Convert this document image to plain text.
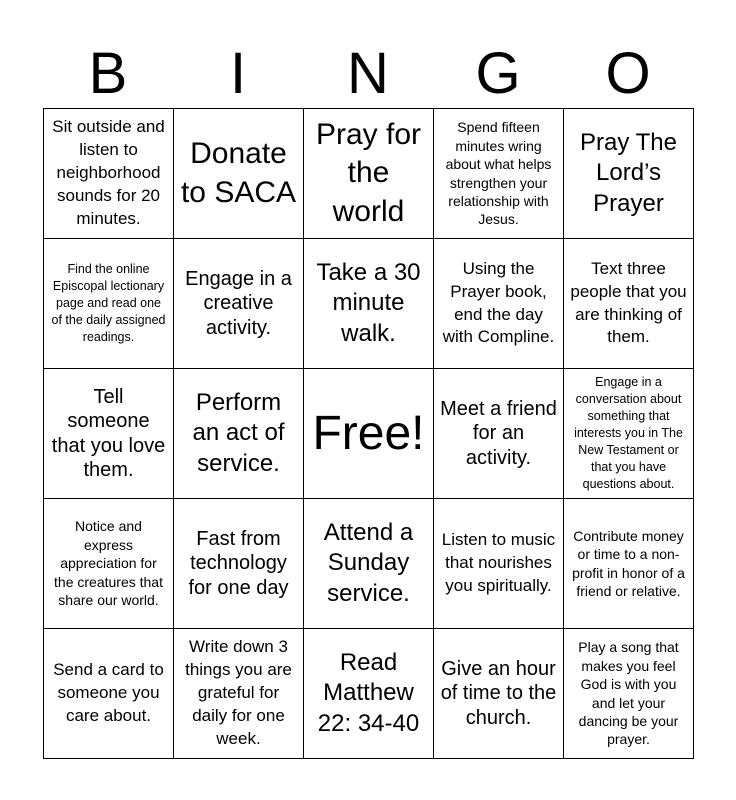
B	I	N	G	O
Sit outside and listen to neighborhood sounds for 20 minutes.
Donate to SACA
Pray for the world
Spend fifteen minutes wring about what helps strengthen your relationship with Jesus.
Pray The Lord’s Prayer
Find the online Episcopal lectionary page and read one of the daily assigned readings.
Engage in a creative activity.
Take a 30 minute walk.
Using the Prayer book, end the day with Compline.
Text three people that you are thinking of them.
Tell someone that you love them.
Perform an act of service.
Free! Meet a friend for an activity.
Engage in a conversation about something that interests you in The New Testament or that you have questions about.
Notice and express appreciation for the creatures that share our world.
Fast from technology for one day
Attend a Sunday service.
Listen to music that nourishes you spiritually.
Contribute money or time to a non-profit in honor of a friend or relative.
Send a card to someone you care about.
Write down 3 things you are grateful for daily for one week.
Read Matthew 22: 34-40
Give an hour of time to the church.
Play a song that makes you feel God is with you and let your dancing be your prayer.
